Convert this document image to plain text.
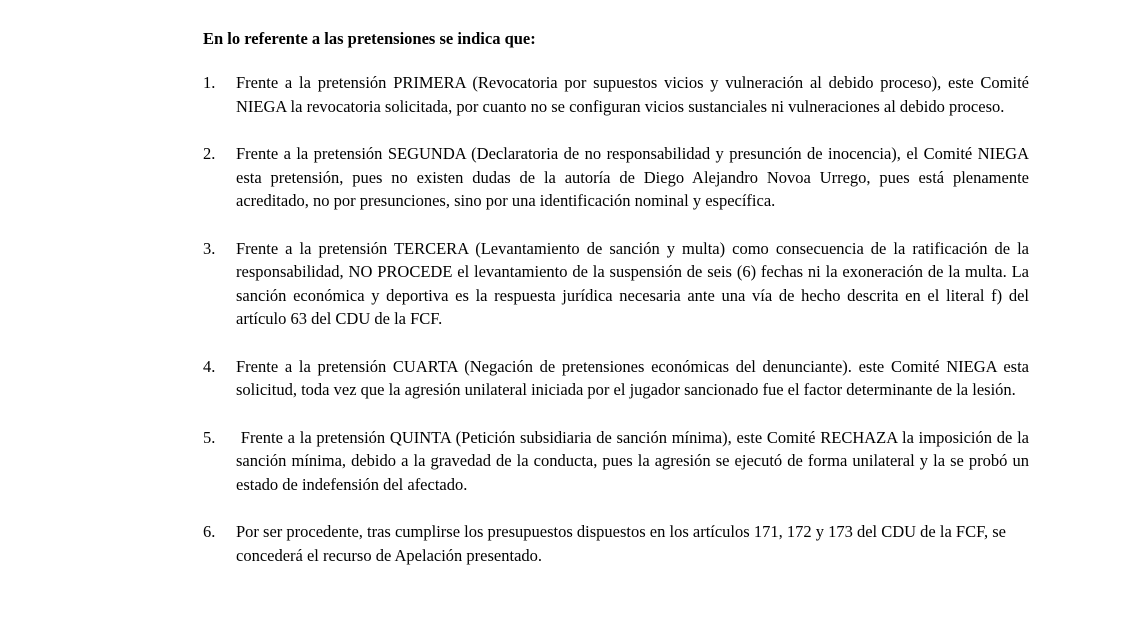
En lo referente a las pretensiones se indica que:

1.	Frente a la pretensión PRIMERA (Revocatoria por supuestos vicios y vulneración al debido proceso), este Comité NIEGA la revocatoria solicitada, por cuanto no se configuran vicios sustanciales ni vulneraciones al debido proceso.
2.	Frente a la pretensión SEGUNDA (Declaratoria de no responsabilidad y presunción de inocencia), el Comité NIEGA esta pretensión, pues no existen dudas de la autoría de Diego Alejandro Novoa Urrego, pues está plenamente acreditado, no por presunciones, sino por una identificación nominal y específica.
3.	Frente a la pretensión TERCERA (Levantamiento de sanción y multa) como consecuencia de la ratificación de la responsabilidad, NO PROCEDE el levantamiento de la suspensión de seis (6) fechas ni la exoneración de la multa. La sanción económica y deportiva es la respuesta jurídica necesaria ante una vía de hecho descrita en el literal f) del artículo 63 del CDU de la FCF.
4.	Frente a la pretensión CUARTA (Negación de pretensiones económicas del denunciante). este Comité NIEGA esta solicitud, toda vez que la agresión unilateral iniciada por el jugador sancionado fue el factor determinante de la lesión.
5.	Frente a la pretensión QUINTA (Petición subsidiaria de sanción mínima), este Comité RECHAZA la imposición de la sanción mínima, debido a la gravedad de la conducta, pues la agresión se ejecutó de forma unilateral y la se probó un estado de indefensión del afectado.
6.	Por ser procedente, tras cumplirse los presupuestos dispuestos en los artículos 171, 172 y 173 del CDU de la FCF, se concederá el recurso de Apelación presentado.
